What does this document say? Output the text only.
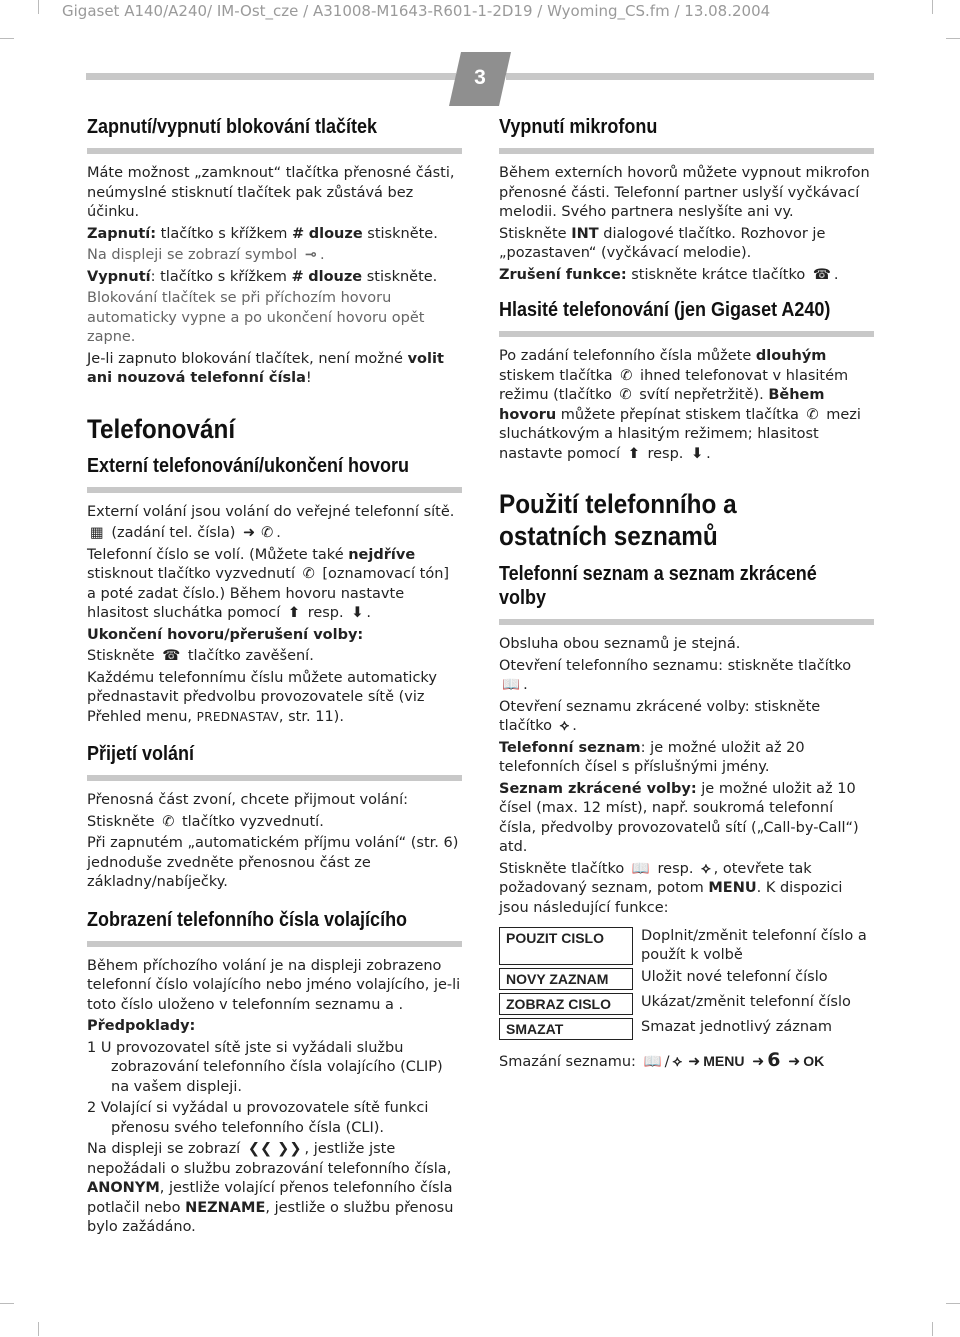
Gigaset A140/A240/ IM-Ost_cze / A31008-M1643-R601-1-2D19 / Wyoming_CS.fm / 13.08.2004
3
Zapnutí/vypnutí blokování tlačítek

Máte možnost „zamknout“ tlačítka přenosné části, neúmyslné stisknutí tlačítek pak zůstává bez účinku.

Zapnutí: tlačítko s křížkem # dlouze stiskněte.

Na displeji se zobrazí symbol ⊸ .

Vypnutí: tlačítko s křížkem # dlouze stiskněte.

Blokování tlačítek se při příchozím hovoru automaticky vypne a po ukončení hovoru opět zapne.

Je-li zapnuto blokování tlačítek, není možné volit ani nouzová telefonní čísla!

Telefonování
Externí telefonování/ukončení hovoru

Externí volání jsou volání do veřejné telefonní sítě.

▦ (zadání tel. čísla) ➜ ✆ .

Telefonní číslo se volí. (Můžete také nejdříve stisknout tlačítko vyzvednutí ✆ [oznamovací tón] a poté zadat číslo.) Během hovoru nastavte hlasitost sluchátka pomocí ⬆ resp. ⬇ .

Ukončení hovoru/přerušení volby:

Stiskněte ☎ tlačítko zavěšení.

Každému telefonnímu číslu můžete automaticky přednastavit předvolbu provozovatele sítě (viz Přehled menu, PREDNASTAV, str. 11).

Přijetí volání

Přenosná část zvoní, chcete přijmout volání:

Stiskněte ✆ tlačítko vyzvednutí.

Při zapnutém „automatickém příjmu volání“ (str. 6) jednoduše zvedněte přenosnou část ze základny/nabíječky.

Zobrazení telefonního čísla volajícího

Během příchozího volání je na displeji zobrazeno telefonní číslo volajícího nebo jméno volajícího, je-li toto číslo uloženo v telefonním seznamu a .

Předpoklady:

1 U provozovatel sítě jste si vyžádali službu zobrazování telefonního čísla volajícího (CLIP) na vašem displeji.

2 Volající si vyžádal u provozovatele sítě funkci přenosu svého telefonního čísla (CLI).

Na displeji se zobrazí ❮❮ ❯❯ , jestliže jste nepožádali o službu zobrazování telefonního čísla, ANONYM, jestliže volající přenos telefonního čísla potlačil nebo NEZNAME, jestliže o službu přenosu bylo zažádáno.

Vypnutí mikrofonu

Během externích hovorů můžete vypnout mikrofon přenosné části. Telefonní partner uslyší vyčkávací melodii. Svého partnera neslyšíte ani vy.

Stiskněte INT dialogové tlačítko. Rozhovor je „pozastaven“ (vyčkávací melodie).

Zrušení funkce: stiskněte krátce tlačítko ☎ .

Hlasité telefonování (jen Gigaset A240)

Po zadání telefonního čísla můžete dlouhým stiskem tlačítka ✆ ihned telefonovat v hlasitém režimu (tlačítko ✆ svítí nepřetržitě). Během hovoru můžete přepínat stiskem tlačítka ✆ mezi sluchátkovým a hlasitým režimem; hlasitost nastavte pomocí ⬆ resp. ⬇ .

Použití telefonního a ostatních seznamů
Telefonní seznam a seznam zkrácené volby

Obsluha obou seznamů je stejná.

Otevření telefonního seznamu: stiskněte tlačítko 📖 .

Otevření seznamu zkrácené volby: stiskněte tlačítko ⟡ .

Telefonní seznam: je možné uložit až 20 telefonních čísel s příslušnými jmény.

Seznam zkrácené volby: je možné uložit až 10 čísel (max. 12 míst), např. soukromá telefonní čísla, předvolby provozovatelů sítí („Call-by-Call“) atd.

Stiskněte tlačítko 📖 resp. ⟡ , otevřete tak požadovaný seznam, potom MENU. K dispozici jsou následující funkce:

POUZIT CISLO	Doplnit/změnit telefonní číslo a použít k volbě
NOVY ZAZNAM	Uložit nové telefonní číslo
ZOBRAZ CISLO	Ukázat/změnit telefonní číslo
SMAZAT	Smazat jednotlivý záznam

Smazání seznamu: 📖 / ⟡ ➜ MENU ➜ 6 ➜ OK
